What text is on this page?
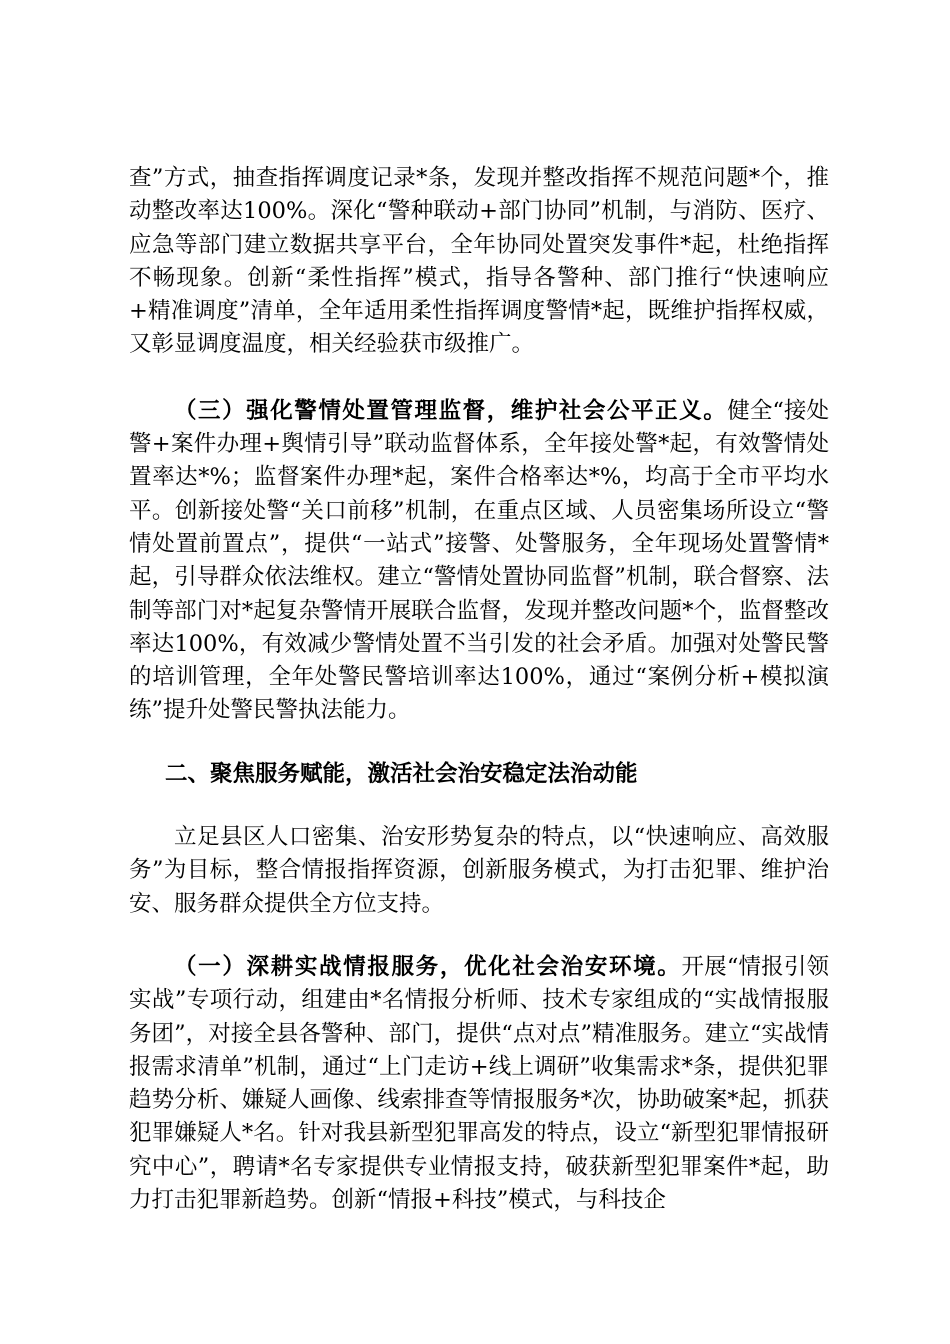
查”方式，抽查指挥调度记录*条，发现并整改指挥不规范问题*个，推动整改率达100%。深化“警种联动+部门协同”机制，与消防、医疗、应急等部门建立数据共享平台，全年协同处置突发事件*起，杜绝指挥不畅现象。创新“柔性指挥”模式，指导各警种、部门推行“快速响应+精准调度”清单，全年适用柔性指挥调度警情*起，既维护指挥权威，又彰显调度温度，相关经验获市级推广。

（三）强化警情处置管理监督，维护社会公平正义。健全“接处警+案件办理+舆情引导”联动监督体系，全年接处警*起，有效警情处置率达*%；监督案件办理*起，案件合格率达*%，均高于全市平均水平。创新接处警“关口前移”机制，在重点区域、人员密集场所设立“警情处置前置点”，提供“一站式”接警、处警服务，全年现场处置警情*起，引导群众依法维权。建立“警情处置协同监督”机制，联合督察、法制等部门对*起复杂警情开展联合监督，发现并整改问题*个，监督整改率达100%，有效减少警情处置不当引发的社会矛盾。加强对处警民警的培训管理，全年处警民警培训率达100%，通过“案例分析+模拟演练”提升处警民警执法能力。

二、聚焦服务赋能，激活社会治安稳定法治动能

立足县区人口密集、治安形势复杂的特点，以“快速响应、高效服务”为目标，整合情报指挥资源，创新服务模式，为打击犯罪、维护治安、服务群众提供全方位支持。

（一）深耕实战情报服务，优化社会治安环境。开展“情报引领实战”专项行动，组建由*名情报分析师、技术专家组成的“实战情报服务团”，对接全县各警种、部门，提供“点对点”精准服务。建立“实战情报需求清单”机制，通过“上门走访+线上调研”收集需求*条，提供犯罪趋势分析、嫌疑人画像、线索排查等情报服务*次，协助破案*起，抓获犯罪嫌疑人*名。针对我县新型犯罪高发的特点，设立“新型犯罪情报研究中心”，聘请*名专家提供专业情报支持，破获新型犯罪案件*起，助力打击犯罪新趋势。创新“情报+科技”模式，与科技企
